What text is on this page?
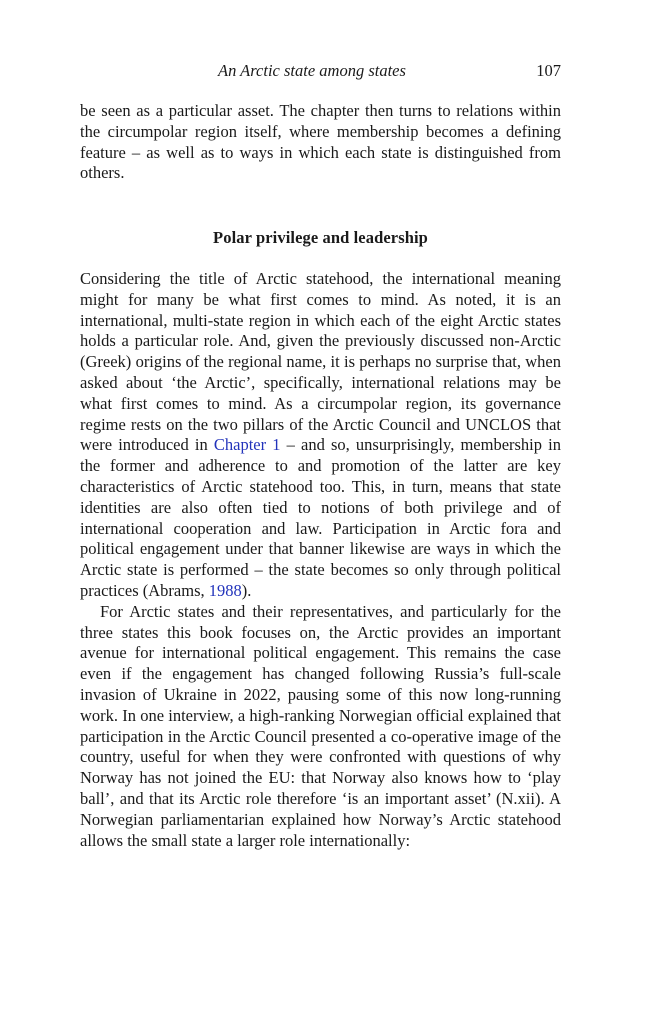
An Arctic state among states	107

be seen as a particular asset. The chapter then turns to relations within the circumpolar region itself, where membership becomes a defining feature – as well as to ways in which each state is distinguished from others.

Polar privilege and leadership

Considering the title of Arctic statehood, the international meaning might for many be what first comes to mind. As noted, it is an international, multi-state region in which each of the eight Arctic states holds a particular role. And, given the previously discussed non-Arctic (Greek) origins of the regional name, it is perhaps no surprise that, when asked about ‘the Arctic’, specifically, international relations may be what first comes to mind. As a circumpolar region, its governance regime rests on the two pillars of the Arctic Council and UNCLOS that were introduced in Chapter 1 – and so, unsurprisingly, membership in the former and adherence to and promotion of the latter are key characteristics of Arctic statehood too. This, in turn, means that state identities are also often tied to notions of both privilege and of international cooperation and law. Participation in Arctic fora and political engagement under that banner likewise are ways in which the Arctic state is performed – the state becomes so only through political practices (Abrams, 1988).

For Arctic states and their representatives, and particularly for the three states this book focuses on, the Arctic provides an important avenue for international political engagement. This remains the case even if the engagement has changed following Russia’s full-scale invasion of Ukraine in 2022, pausing some of this now long-running work. In one interview, a high-ranking Norwegian official explained that participation in the Arctic Council presented a co-operative image of the country, useful for when they were confronted with questions of why Norway has not joined the EU: that Norway also knows how to ‘play ball’, and that its Arctic role therefore ‘is an important asset’ (N.xii). A Norwegian parliamentarian explained how Norway’s Arctic statehood allows the small state a larger role internationally:
